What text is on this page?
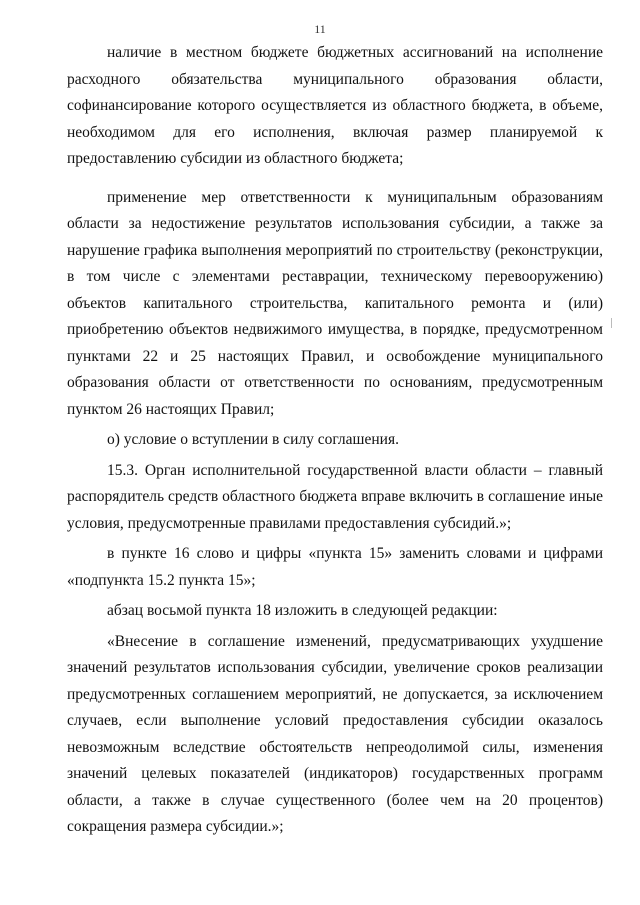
11

наличие в местном бюджете бюджетных ассигнований на исполнение расходного обязательства муниципального образования области, софинансирование которого осуществляется из областного бюджета, в объеме, необходимом для его исполнения, включая размер планируемой к предоставлению субсидии из областного бюджета;

применение мер ответственности к муниципальным образованиям области за недостижение результатов использования субсидии, а также за нарушение графика выполнения мероприятий по строительству (реконструкции, в том числе с элементами реставрации, техническому перевооружению) объектов капитального строительства, капитального ремонта и (или) приобретению объектов недвижимого имущества, в порядке, предусмотренном пунктами 22 и 25 настоящих Правил, и освобождение муниципального образования области от ответственности по основаниям, предусмотренным пунктом 26 настоящих Правил;

о) условие о вступлении в силу соглашения.

15.3. Орган исполнительной государственной власти области – главный распорядитель средств областного бюджета вправе включить в соглашение иные условия, предусмотренные правилами предоставления субсидий.»;

в пункте 16 слово и цифры «пункта 15» заменить словами и цифрами «подпункта 15.2 пункта 15»;

абзац восьмой пункта 18 изложить в следующей редакции:

«Внесение в соглашение изменений, предусматривающих ухудшение значений результатов использования субсидии, увеличение сроков реализации предусмотренных соглашением мероприятий, не допускается, за исключением случаев, если выполнение условий предоставления субсидии оказалось невозможным вследствие обстоятельств непреодолимой силы, изменения значений целевых показателей (индикаторов) государственных программ области, а также в случае существенного (более чем на 20 процентов) сокращения размера субсидии.»;
